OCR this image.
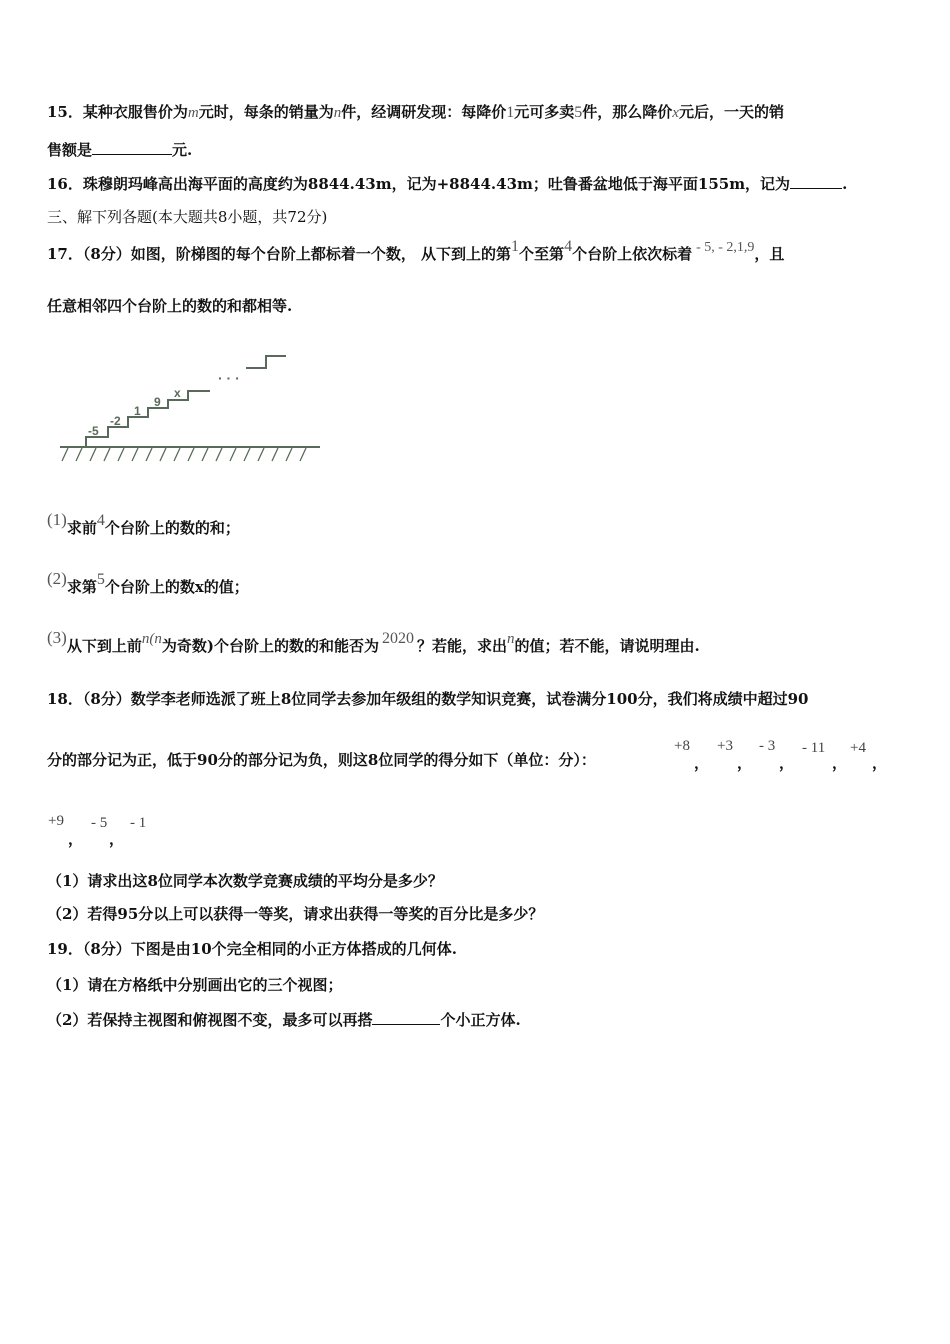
15．某种衣服售价为m元时，每条的销量为n件，经调研发现：每降价1元可多卖5件，那么降价x元后，一天的销
售额是	元.
16．珠穆朗玛峰高出海平面的高度约为8844.43m，记为+8844.43m；吐鲁番盆地低于海平面155m，记为	.
三、解下列各题(本大题共8小题，共72分)
17．（8分）如图，阶梯图的每个台阶上都标着一个数， 从下到上的第1个至第4个台阶上依次标着 - 5, - 2,1,9，且
任意相邻四个台阶上的数的和都相等.
-5
-2
1
9
x
· · ·
(1)求前4个台阶上的数的和；
(2)求第5个台阶上的数x的值；
(3)从下到上前n(n为奇数)个台阶上的数的和能否为 2020 ？若能，求出n的值；若不能，请说明理由.
18．（8分）数学李老师选派了班上8位同学去参加年级组的数学知识竞赛，试卷满分100分，我们将成绩中超过90
分的部分记为正，低于90分的部分记为负，则这8位同学的得分如下（单位：分）：
+8
，
+3
，
- 3
，
- 11
，
+4
，
+9
，
- 5
，
- 1
（1）请求出这8位同学本次数学竞赛成绩的平均分是多少？
（2）若得95分以上可以获得一等奖，请求出获得一等奖的百分比是多少？
19．（8分）下图是由10个完全相同的小正方体搭成的几何体.
（1）请在方格纸中分别画出它的三个视图；
（2）若保持主视图和俯视图不变，最多可以再搭	个小正方体.
